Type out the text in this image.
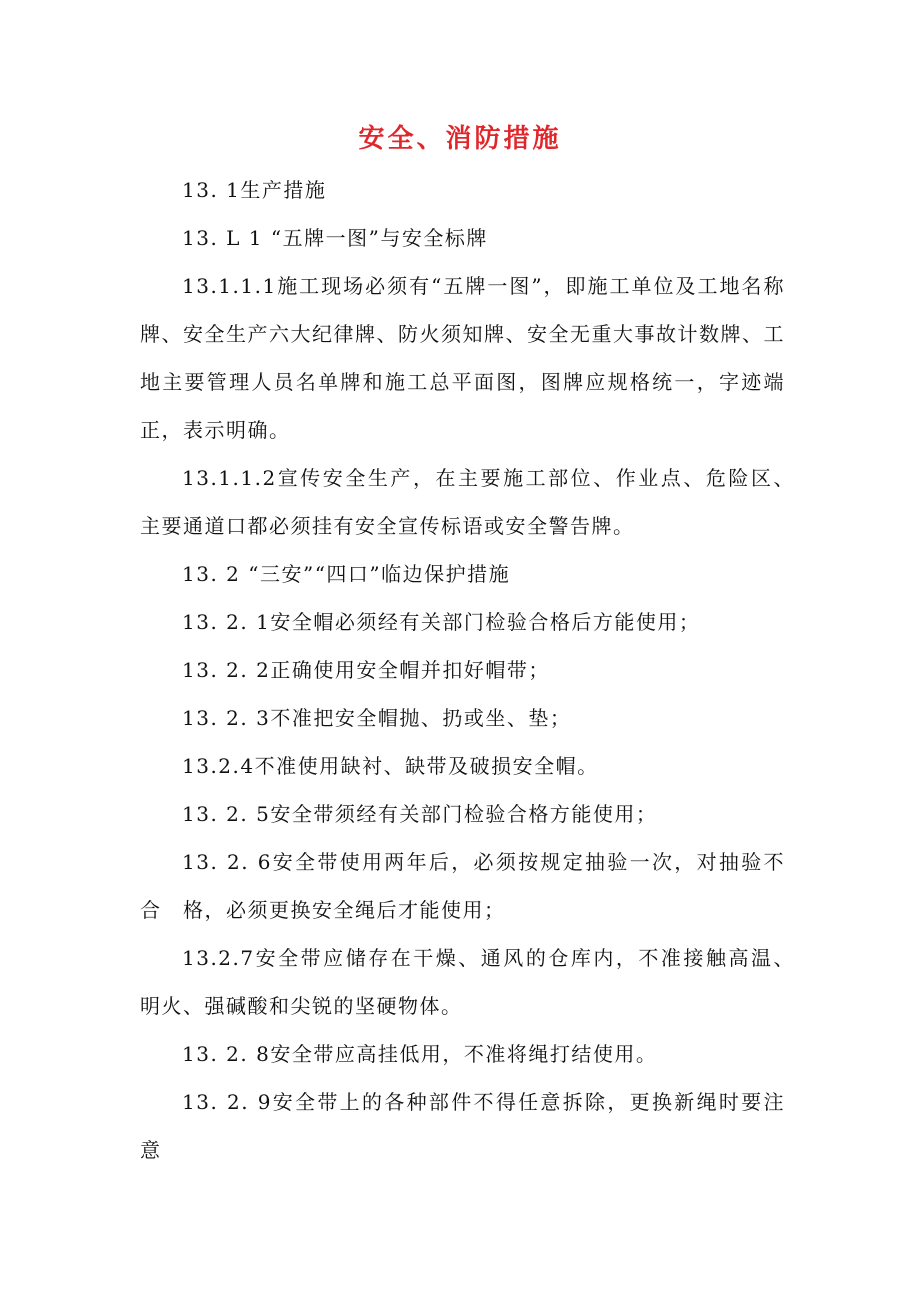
安全、消防措施

13. 1生产措施

13. L 1 “五牌一图”与安全标牌

13.1.1.1施工现场必须有“五牌一图”，即施工单位及工地名称牌、安全生产六大纪律牌、防火须知牌、安全无重大事故计数牌、工地主要管理人员名单牌和施工总平面图，图牌应规格统一，字迹端正，表示明确。

13.1.1.2宣传安全生产，在主要施工部位、作业点、危险区、　主要通道口都必须挂有安全宣传标语或安全警告牌。

13. 2 “三安”“四口”临边保护措施

13. 2. 1安全帽必须经有关部门检验合格后方能使用；

13. 2. 2正确使用安全帽并扣好帽带；

13. 2. 3不准把安全帽抛、扔或坐、垫；

13.2.4不准使用缺衬、缺带及破损安全帽。

13. 2. 5安全带须经有关部门检验合格方能使用；

13. 2. 6安全带使用两年后，必须按规定抽验一次，对抽验不合　格，必须更换安全绳后才能使用；

13.2.7安全带应储存在干燥、通风的仓库内，不准接触高温、　明火、强碱酸和尖锐的坚硬物体。

13. 2. 8安全带应高挂低用，不准将绳打结使用。

13. 2. 9安全带上的各种部件不得任意拆除，更换新绳时要注意
